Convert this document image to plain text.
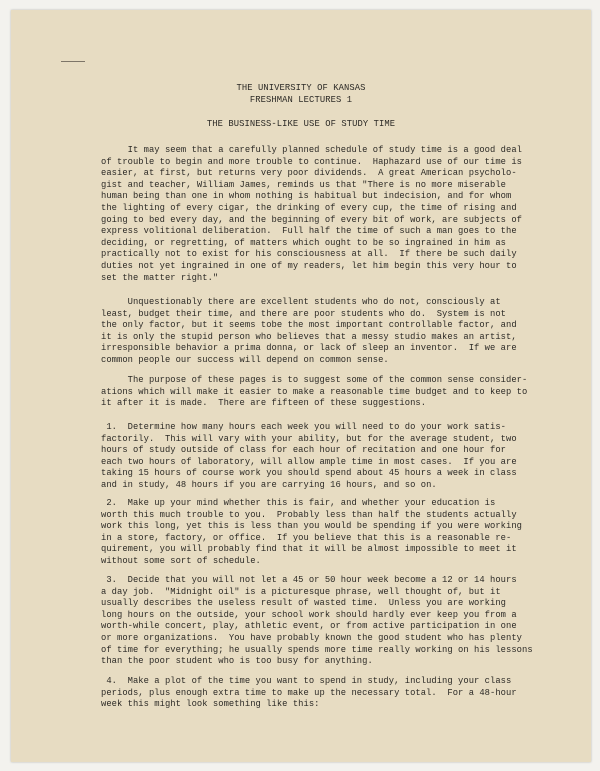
THE UNIVERSITY OF KANSAS
FRESHMAN LECTURES 1
THE BUSINESS-LIKE USE OF STUDY TIME
It may seem that a carefully planned schedule of study time is a good deal
of trouble to begin and more trouble to continue.  Haphazard use of our time is
easier, at first, but returns very poor dividends.  A great American psycholo-
gist and teacher, William James, reminds us that "There is no more miserable
human being than one in whom nothing is habitual but indecision, and for whom
the lighting of every cigar, the drinking of every cup, the time of rising and
going to bed every day, and the beginning of every bit of work, are subjects of
express volitional deliberation.  Full half the time of such a man goes to the
deciding, or regretting, of matters which ought to be so ingrained in him as
practically not to exist for his consciousness at all.  If there be such daily
duties not yet ingrained in one of my readers, let him begin this very hour to
set the matter right."
Unquestionably there are excellent students who do not, consciously at
least, budget their time, and there are poor students who do.  System is not
the only factor, but it seems tobe the most important controllable factor, and
it is only the stupid person who believes that a messy studio makes an artist,
irresponsible behavior a prima donna, or lack of sleep an inventor.  If we are
common people our success will depend on common sense.
The purpose of these pages is to suggest some of the common sense consider-
ations which will make it easier to make a reasonable time budget and to keep to
it after it is made.  There are fifteen of these suggestions.
1.  Determine how many hours each week you will need to do your work satis-
factorily.  This will vary with your ability, but for the average student, two
hours of study outside of class for each hour of recitation and one hour for
each two hours of laboratory, will allow ample time in most cases.  If you are
taking 15 hours of course work you should spend about 45 hours a week in class
and in study, 48 hours if you are carrying 16 hours, and so on.
2.  Make up your mind whether this is fair, and whether your education is
worth this much trouble to you.  Probably less than half the students actually
work this long, yet this is less than you would be spending if you were working
in a store, factory, or office.  If you believe that this is a reasonable re-
quirement, you will probably find that it will be almost impossible to meet it
without some sort of schedule.
3.  Decide that you will not let a 45 or 50 hour week become a 12 or 14 hours
a day job.  "Midnight oil" is a picturesque phrase, well thought of, but it
usually describes the useless result of wasted time.  Unless you are working
long hours on the outside, your school work should hardly ever keep you from a
worth-while concert, play, athletic event, or from active participation in one
or more organizations.  You have probably known the good student who has plenty
of time for everything; he usually spends more time really working on his lessons
than the poor student who is too busy for anything.
4.  Make a plot of the time you want to spend in study, including your class
periods, plus enough extra time to make up the necessary total.  For a 48-hour
week this might look something like this:
